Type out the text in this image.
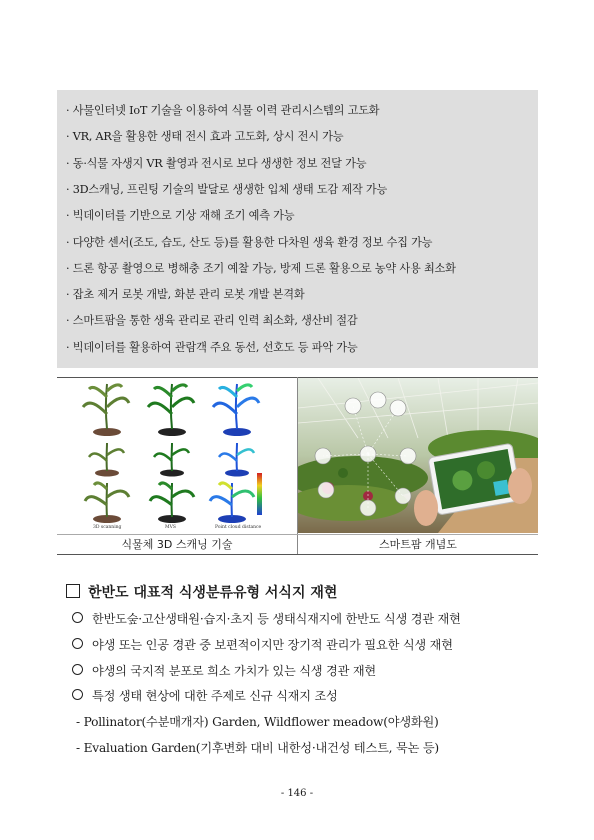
· 사물인터넷 IoT 기술을 이용하여 식물 이력 관리시스템의 고도화
· VR, AR을 활용한 생태 전시 효과 고도화, 상시 전시 가능
· 동·식물 자생지 VR 촬영과 전시로 보다 생생한 정보 전달 가능
· 3D스캐닝, 프린팅 기술의 발달로 생생한 입체 생태 도감 제작 가능
· 빅데이터를 기반으로 기상 재해 조기 예측 가능
· 다양한 센서(조도, 습도, 산도 등)를 활용한 다차원 생육 환경 정보 수집 가능
· 드론 항공 촬영으로 병해충 조기 예찰 가능, 방제 드론 활용으로 농약 사용 최소화
· 잡초 제거 로봇 개발, 화분 관리 로봇 개발 본격화
· 스마트팜을 통한 생육 관리로 관리 인력 최소화, 생산비 절감
· 빅데이터를 활용하여 관람객 주요 동선, 선호도 등 파악 가능
3D scanning	MVS	Point cloud distance
식물체 3D 스캐닝 기술	스마트팜 개념도
한반도 대표적 식생분류유형 서식지 재현
한반도숲·고산생태원·습지·초지 등 생태식재지에 한반도 식생 경관 재현
야생 또는 인공 경관 중 보편적이지만 장기적 관리가 필요한 식생 재현
야생의 국지적 분포로 희소 가치가 있는 식생 경관 재현
특정 생태 현상에 대한 주제로 신규 식재지 조성
- Pollinator(수분매개자) Garden, Wildflower meadow(야생화원)
- Evaluation Garden(기후변화 대비 내한성·내건성 테스트, 묵논 등)
- 146 -
